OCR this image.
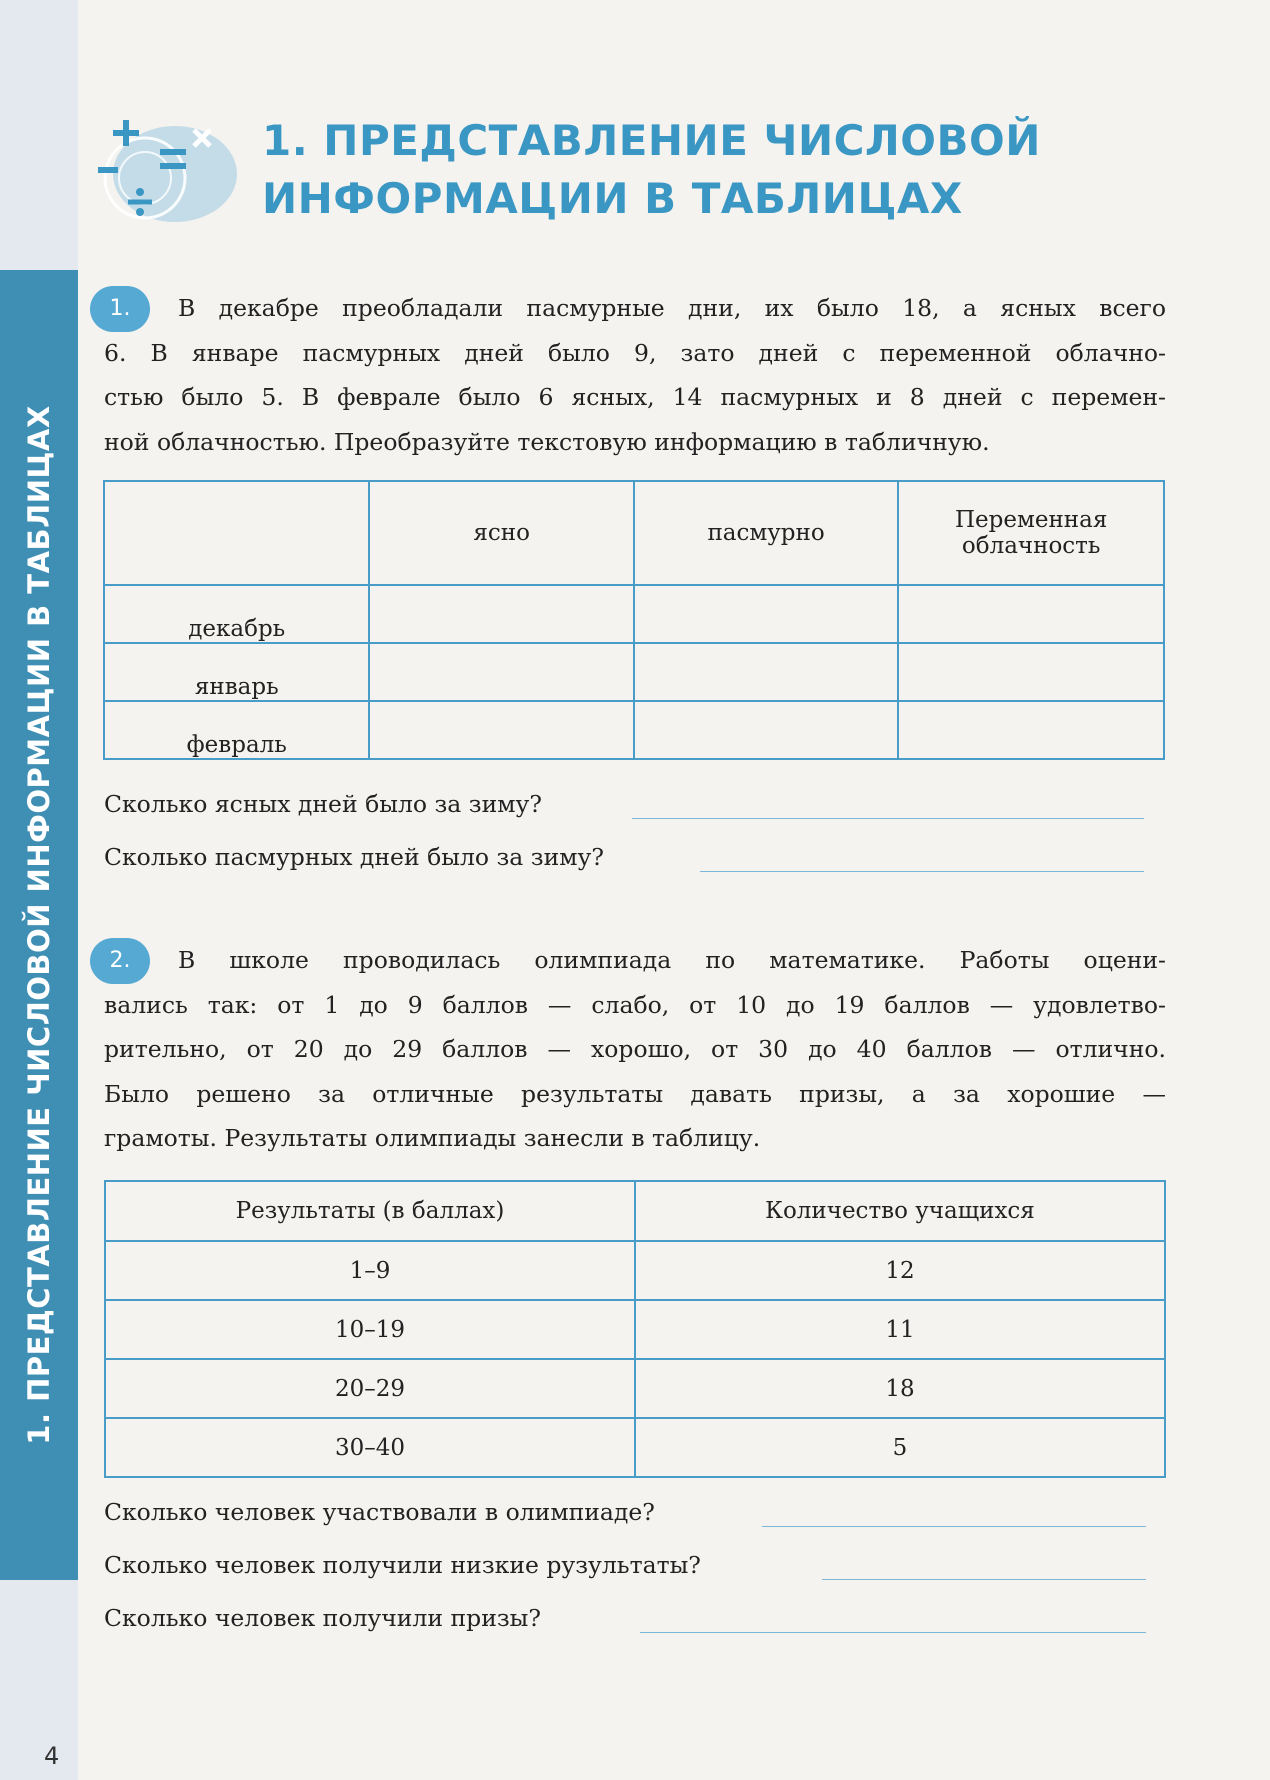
1. ПРЕДСТАВЛЕНИЕ ЧИСЛОВОЙ ИНФОРМАЦИИ В ТАБЛИЦАХ
4
1. ПРЕДСТАВЛЕНИЕ ЧИСЛОВОЙ
ИНФОРМАЦИИ В ТАБЛИЦАХ
1.	В декабре преобладали пасмурные дни, их было 18, а ясных всего
6. В январе пасмурных дней было 9, зато дней с переменной облачно-
стью было 5. В феврале было 6 ясных, 14 пасмурных и 8 дней с перемен-
ной облачностью. Преобразуйте текстовую информацию в табличную.
	ясно	пасмурно	Переменная облачность
декабрь			
январь			
февраль			
Сколько ясных дней было за зиму?
Сколько пасмурных дней было за зиму?
2.	В школе проводилась олимпиада по математике. Работы оцени-
вались так: от 1 до 9 баллов — слабо, от 10 до 19 баллов — удовлетво-
рительно, от 20 до 29 баллов — хорошо, от 30 до 40 баллов — отлично.
Было решено за отличные результаты давать призы, а за хорошие —
грамоты. Результаты олимпиады занесли в таблицу.
Результаты (в баллах)	Количество учащихся
1–9	12
10–19	11
20–29	18
30–40	5
Сколько человек участвовали в олимпиаде?
Сколько человек получили низкие рузультаты?
Сколько человек получили призы?
